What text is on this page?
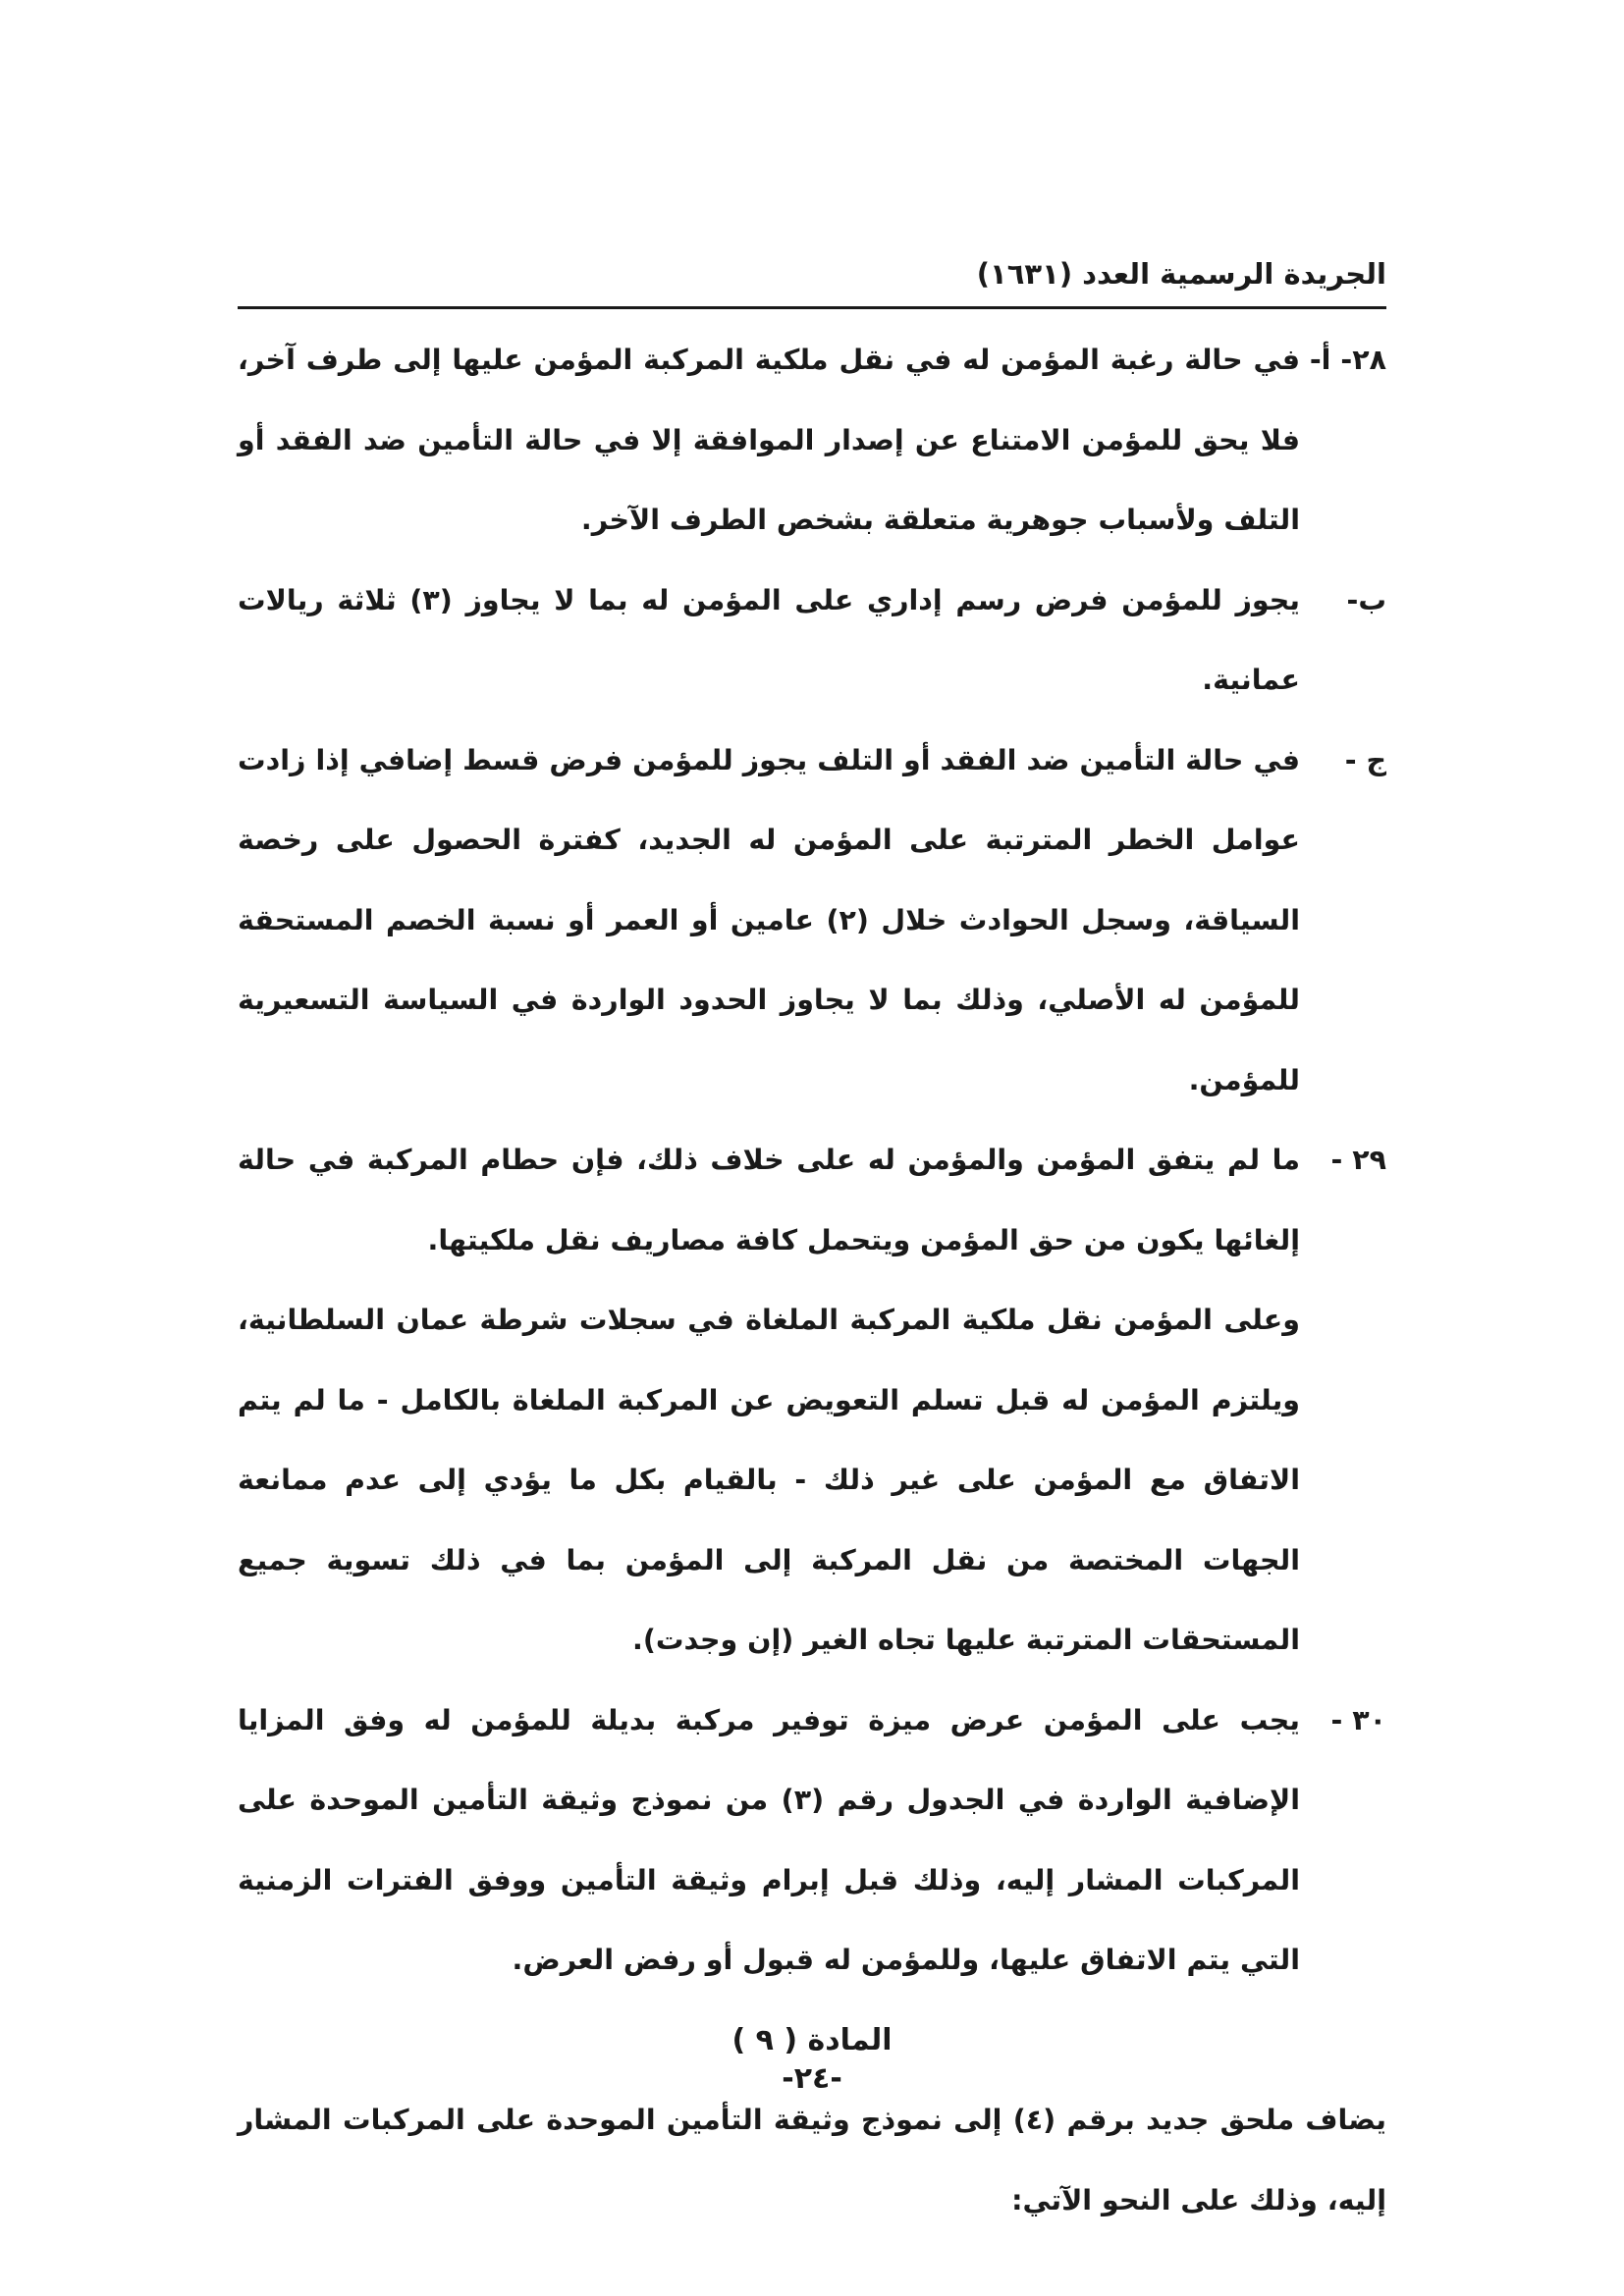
الجريدة الرسمية العدد (١٦٣١)
٢٨- أ-

في حالة رغبة المؤمن له في نقل ملكية المركبة المؤمن عليها إلى طرف آخر، فلا يحق للمؤمن الامتناع عن إصدار الموافقة إلا في حالة التأمين ضد الفقد أو التلف ولأسباب جوهرية متعلقة بشخص الطرف الآخر.

ب-

يجوز للمؤمن فرض رسم إداري على المؤمن له بما لا يجاوز (٣) ثلاثة ريالات عمانية.

ج -

في حالة التأمين ضد الفقد أو التلف يجوز للمؤمن فرض قسط إضافي إذا زادت عوامل الخطر المترتبة على المؤمن له الجديد، كفترة الحصول على رخصة السياقة، وسجل الحوادث خلال (٢) عامين أو العمر أو نسبة الخصم المستحقة للمؤمن له الأصلي، وذلك بما لا يجاوز الحدود الواردة في السياسة التسعيرية للمؤمن.

٢٩ -

ما لم يتفق المؤمن والمؤمن له على خلاف ذلك، فإن حطام المركبة في حالة إلغائها يكون من حق المؤمن ويتحمل كافة مصاريف نقل ملكيتها.

وعلى المؤمن نقل ملكية المركبة الملغاة في سجلات شرطة عمان السلطانية، ويلتزم المؤمن له قبل تسلم التعويض عن المركبة الملغاة بالكامل - ما لم يتم الاتفاق مع المؤمن على غير ذلك - بالقيام بكل ما يؤدي إلى عدم ممانعة الجهات المختصة من نقل المركبة إلى المؤمن بما في ذلك تسوية جميع المستحقات المترتبة عليها تجاه الغير (إن وجدت).

٣٠ -

يجب على المؤمن عرض ميزة توفير مركبة بديلة للمؤمن له وفق المزايا الإضافية الواردة في الجدول رقم (٣) من نموذج وثيقة التأمين الموحدة على المركبات المشار إليه، وذلك قبل إبرام وثيقة التأمين ووفق الفترات الزمنية التي يتم الاتفاق عليها، وللمؤمن له قبول أو رفض العرض.

المادة ( ٩ )
يضاف ملحق جديد برقم (٤) إلى نموذج وثيقة التأمين الموحدة على المركبات المشار إليه، وذلك على النحو الآتي:
-٢٤-
